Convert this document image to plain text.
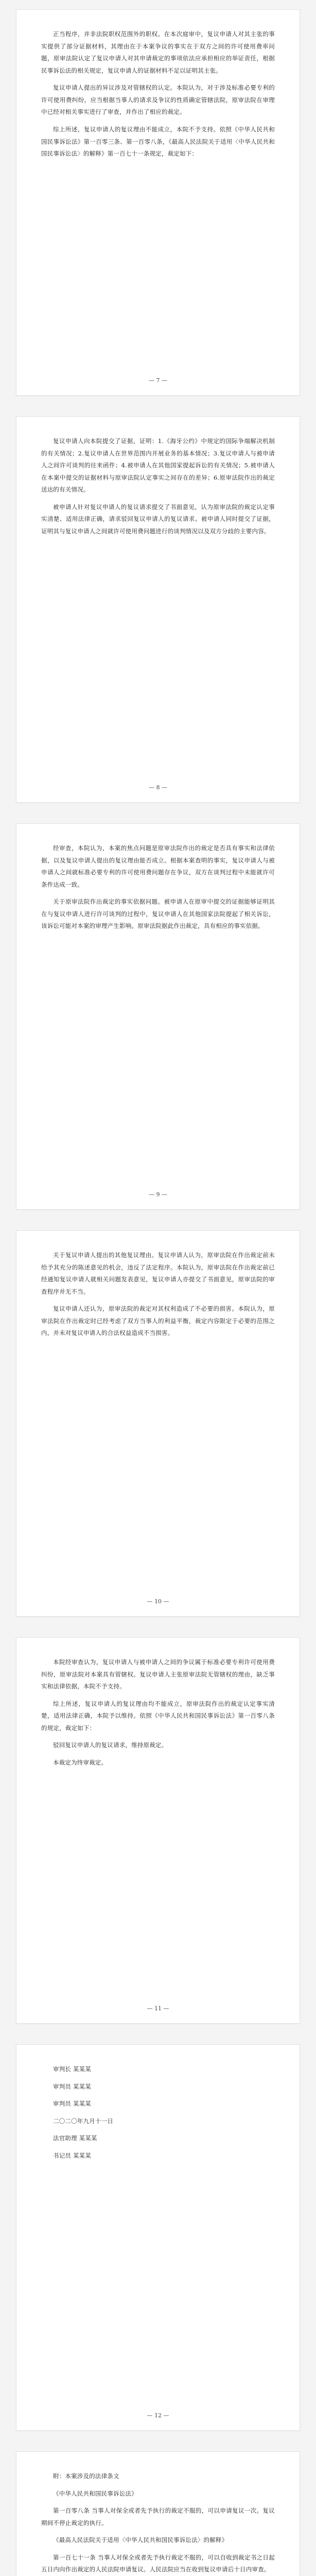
正当程序，并非法院职权范围外的职权。在本次庭审中，复议申请人对其主张的事实提供了部分证据材料，其理由在于本案争议的事实在于双方之间的许可使用费率问题，原审法院认定了复议申请人对其申请裁定的事项依法应承担相应的举证责任，根据民事诉讼法的相关规定，复议申请人的证据材料不足以证明其主张。

复议申请人提出的异议涉及对管辖权的认定。本院认为，对于涉及标准必要专利的许可使用费纠纷，应当根据当事人的请求及争议的性质确定管辖法院，原审法院在审理中已经对相关事实进行了审查，并作出了相应的裁定。

综上所述，复议申请人的复议理由不能成立，本院不予支持。依照《中华人民共和国民事诉讼法》第一百零三条、第一百零八条，《最高人民法院关于适用〈中华人民共和国民事诉讼法〉的解释》第一百七十一条规定，裁定如下：

— 7 —

复议申请人向本院提交了证据，证明：1.《海牙公约》中规定的国际争端解决机制的有关情况；2.复议申请人在世界范围内开展业务的基本情况；3.复议申请人与被申请人之间许可谈判的往来函件；4.被申请人在其他国家提起诉讼的有关情况；5.被申请人在本案中提交的证据材料与原审法院认定事实之间存在的差异；6.原审法院作出的裁定送达的有关情况。

被申请人针对复议申请人的复议请求提交了书面意见，认为原审法院的裁定认定事实清楚、适用法律正确，请求驳回复议申请人的复议请求。被申请人同时提交了证据，证明其与复议申请人之间就许可使用费问题进行的谈判情况以及双方分歧的主要内容。

— 8 —

经审查，本院认为，本案的焦点问题是原审法院作出的裁定是否具有事实和法律依据，以及复议申请人提出的复议理由能否成立。根据本案查明的事实，复议申请人与被申请人之间就标准必要专利的许可使用费问题存在争议，双方在谈判过程中未能就许可条件达成一致。

关于原审法院作出裁定的事实依据问题。被申请人在原审中提交的证据能够证明其在与复议申请人进行许可谈判的过程中，复议申请人在其他国家法院提起了相关诉讼，该诉讼可能对本案的审理产生影响。原审法院据此作出裁定，具有相应的事实依据。

— 9 —

关于复议申请人提出的其他复议理由。复议申请人认为，原审法院在作出裁定前未给予其充分的陈述意见的机会，违反了法定程序。本院认为，原审法院在作出裁定前已经通知复议申请人就相关问题发表意见，复议申请人亦提交了书面意见，原审法院的审查程序并无不当。

复议申请人还认为，原审法院的裁定对其权利造成了不必要的损害。本院认为，原审法院在作出裁定时已经考虑了双方当事人的利益平衡，裁定内容限定于必要的范围之内，并未对复议申请人的合法权益造成不当损害。

— 10 —

本院经审查认为，复议申请人与被申请人之间的争议属于标准必要专利许可使用费纠纷，原审法院对本案具有管辖权。复议申请人主张原审法院无管辖权的理由，缺乏事实和法律依据，本院不予支持。

综上所述，复议申请人的复议理由均不能成立，原审法院作出的裁定认定事实清楚，适用法律正确，本院予以维持。依照《中华人民共和国民事诉讼法》第一百零八条的规定，裁定如下：

驳回复议申请人的复议请求，维持原裁定。

本裁定为终审裁定。

— 11 —

审判长 某某某

审判员 某某某

审判员 某某某

二〇二〇年九月十一日

法官助理 某某某

书记员 某某某

— 12 —

附：本案涉及的法律条文

《中华人民共和国民事诉讼法》

第一百零八条 当事人对保全或者先予执行的裁定不服的，可以申请复议一次。复议期间不停止裁定的执行。

《最高人民法院关于适用〈中华人民共和国民事诉讼法〉的解释》

第一百七十一条 当事人对保全或者先予执行裁定不服的，可以自收到裁定书之日起五日内向作出裁定的人民法院申请复议。人民法院应当在收到复议申请后十日内审查。
